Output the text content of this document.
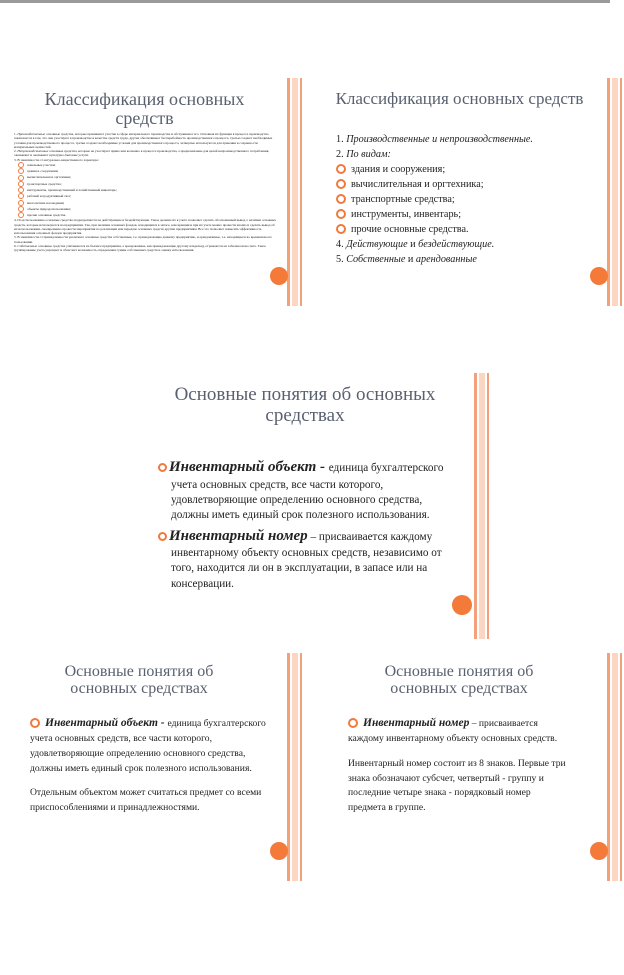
Классификация основных средств

1. Производственные основные средства, которые принимают участие в сфере материального производства и обслуживают его. Основная их функция в процессе производства заключается в том, что они участвуют в производстве в качестве средств труда, другие обеспечивают бесперебойность производственного процесса, третьи создают необходимые условия для производственного процесса, третьи создают необходимые условия для производственного процесса, четвертые используются для хранения и сохранности материальных ценностей.

2. Непроизводственные основные средства, которые не участвуют прямо или косвенно в процессе производства, а предназначены для целей непроизводственного потребления, оказывают и оказывают культурно-бытовые услуги.

3. В зависимости от натурально-вещественного характера:

земельные участки;
здания и сооружения;
вычислительная и оргтехника;
транспортные средства;
инструменты, производственный и хозяйственный инвентарь;
рабочий и продуктивный скот;
многолетние насаждения;
объекты природопользования;
прочие основные средства.

4. По использованию основные средства подразделяются на действующие и бездействующие. Такое деление их в учете позволяет сделать обоснованный вывод о наличии основных средств, которые используются на предприятии. Так, при наличии основных фондов, находящихся в запасе, консервации и при их учете можно провести анализ и сделать вывод об их использовании, своевременно провести мероприятия по реализации или передаче основных средств другим предприятиям. Все это позволяет повысить эффективность использования основных фондов предприятия.

5. В зависимости от принадлежности различают основные средства собственные, т.е. принадлежащие данному предприятию, и арендованные, т.е. находящиеся во временном его пользовании.

6. Собственные основные средства учитываются на балансе предприятия, а арендованные, как принадлежащие другому владельцу, отражаются на забалансовом счете. Такое группирование учета упрощает и облегчает возможность определения суммы собственных средств и оценку использования.

Классификация основных средств
1. Производственные и непроизводственные.
2. По видам:
здания и сооружения;
вычислительная и оргтехника;
транспортные средства;
инструменты, инвентарь;
прочие основные средства.
4. Действующие и бездействующие.
5. Собственные и арендованные
Основные понятия об основных средствах
Инвентарный объект - единица бухгалтерского учета основных средств, все части которого, удовлетворяющие определению основного средства, должны иметь единый срок полезного использования.
Инвентарный номер – присваивается каждому инвентарному объекту основных средств, независимо от того, находится ли он в эксплуатации, в запасе или на консервации.
Основные понятия об основных средствах
Инвентарный объект - единица бухгалтерского учета основных средств, все части которого, удовлетворяющие определению основного средства, должны иметь единый срок полезного использования.
Отдельным объектом может считаться предмет со всеми приспособлениями и принадлежностями.
Основные понятия об основных средствах
Инвентарный номер – присваивается каждому инвентарному объекту основных средств.
Инвентарный номер состоит из 8 знаков. Первые три знака обозначают субсчет, четвертый - группу и последние четыре знака - порядковый номер предмета в группе.
